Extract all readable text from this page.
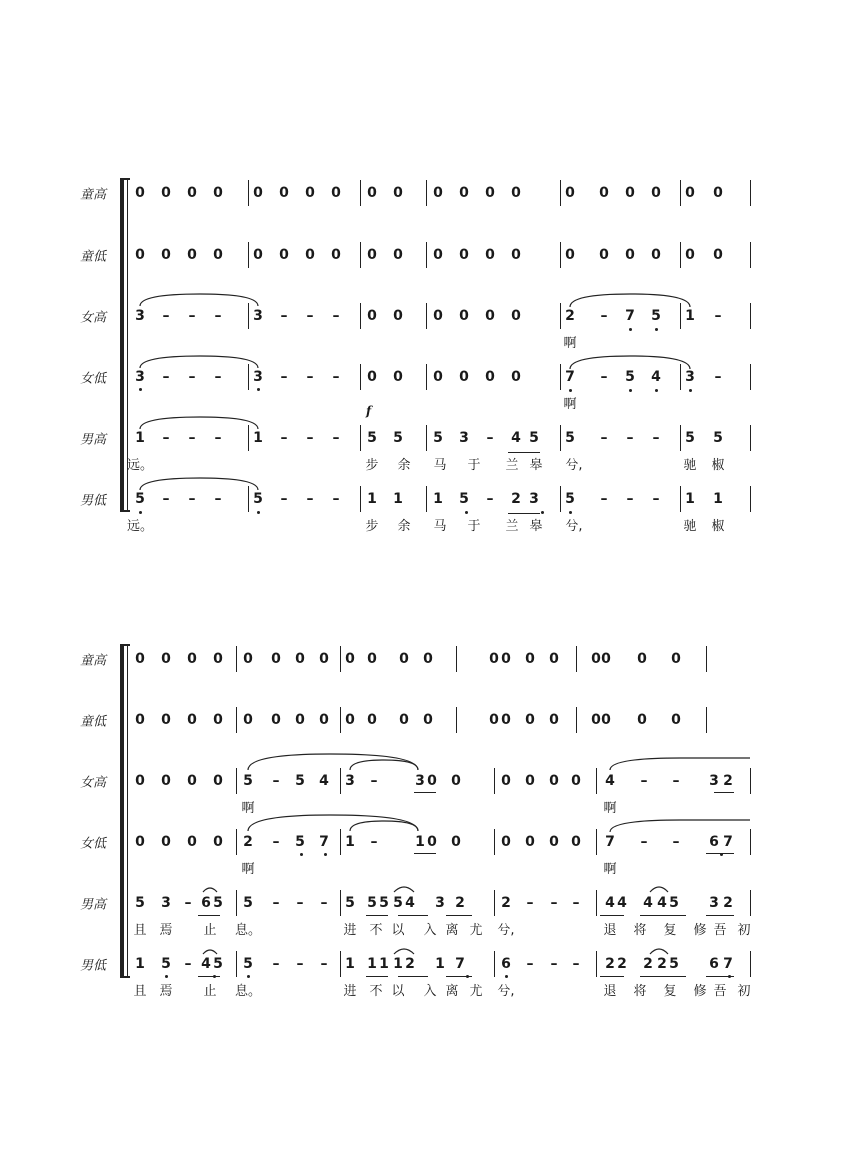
童高 0 0 0 0 0 0 0 0 0 0 0 0 0 0	0 0 0 0 0 0
童低 0 0 0 0 0 0 0 0 0 0 0 0 0 0	0 0 0 0 0 0
女高 3 – – – 3 – – – 0 0 0 0 0 0	2 – 7 5 1 –
啊
女低 3 – – – 3 – – – 0 0 0 0 0 0	7 – 5 4 3 –
啊
男高 1 – – – 1 – – – 5 5 5 3 – 4 5 5 – – – 5 5
远。	步 余 马 于 兰 皋 兮,	驰 椒
男低 5 – – – 5 – – – 1 1 1 5 – 2 3 5 – – – 1 1
远。	步 余 马 于 兰 皋 兮,	驰 椒
f
童高 0 0 0 0 0 0 0 0 0 0 0 0	0 0 0 0 0 0 0 0
童低 0 0 0 0 0 0 0 0 0 0 0 0	0 0 0 0 0 0 0 0
女高 0 0 0 0 5 – 5 4 3 –	3 0 0	0 0 0 0 4 – – 3 2
啊	啊
女低 0 0 0 0 2 – 5 7 1 –	1 0 0	0 0 0 0 7 – – 6 7
啊	啊
男高 5 3 – 6 5 5 – – – 5 5 5 5 4 3 2	2 – – – 4 4 4 4 5 3 2
且 焉 止 息。	进 不 以 入 离 尤 兮,	退 将 复 修 吾 初
男低 1 5 – 4 5 5 – – – 1 1 1 1 2 1 7	6 – – – 2 2 2 2 5 6 7
且 焉 止 息。	进 不 以 入 离 尤 兮,	退 将 复 修 吾 初
